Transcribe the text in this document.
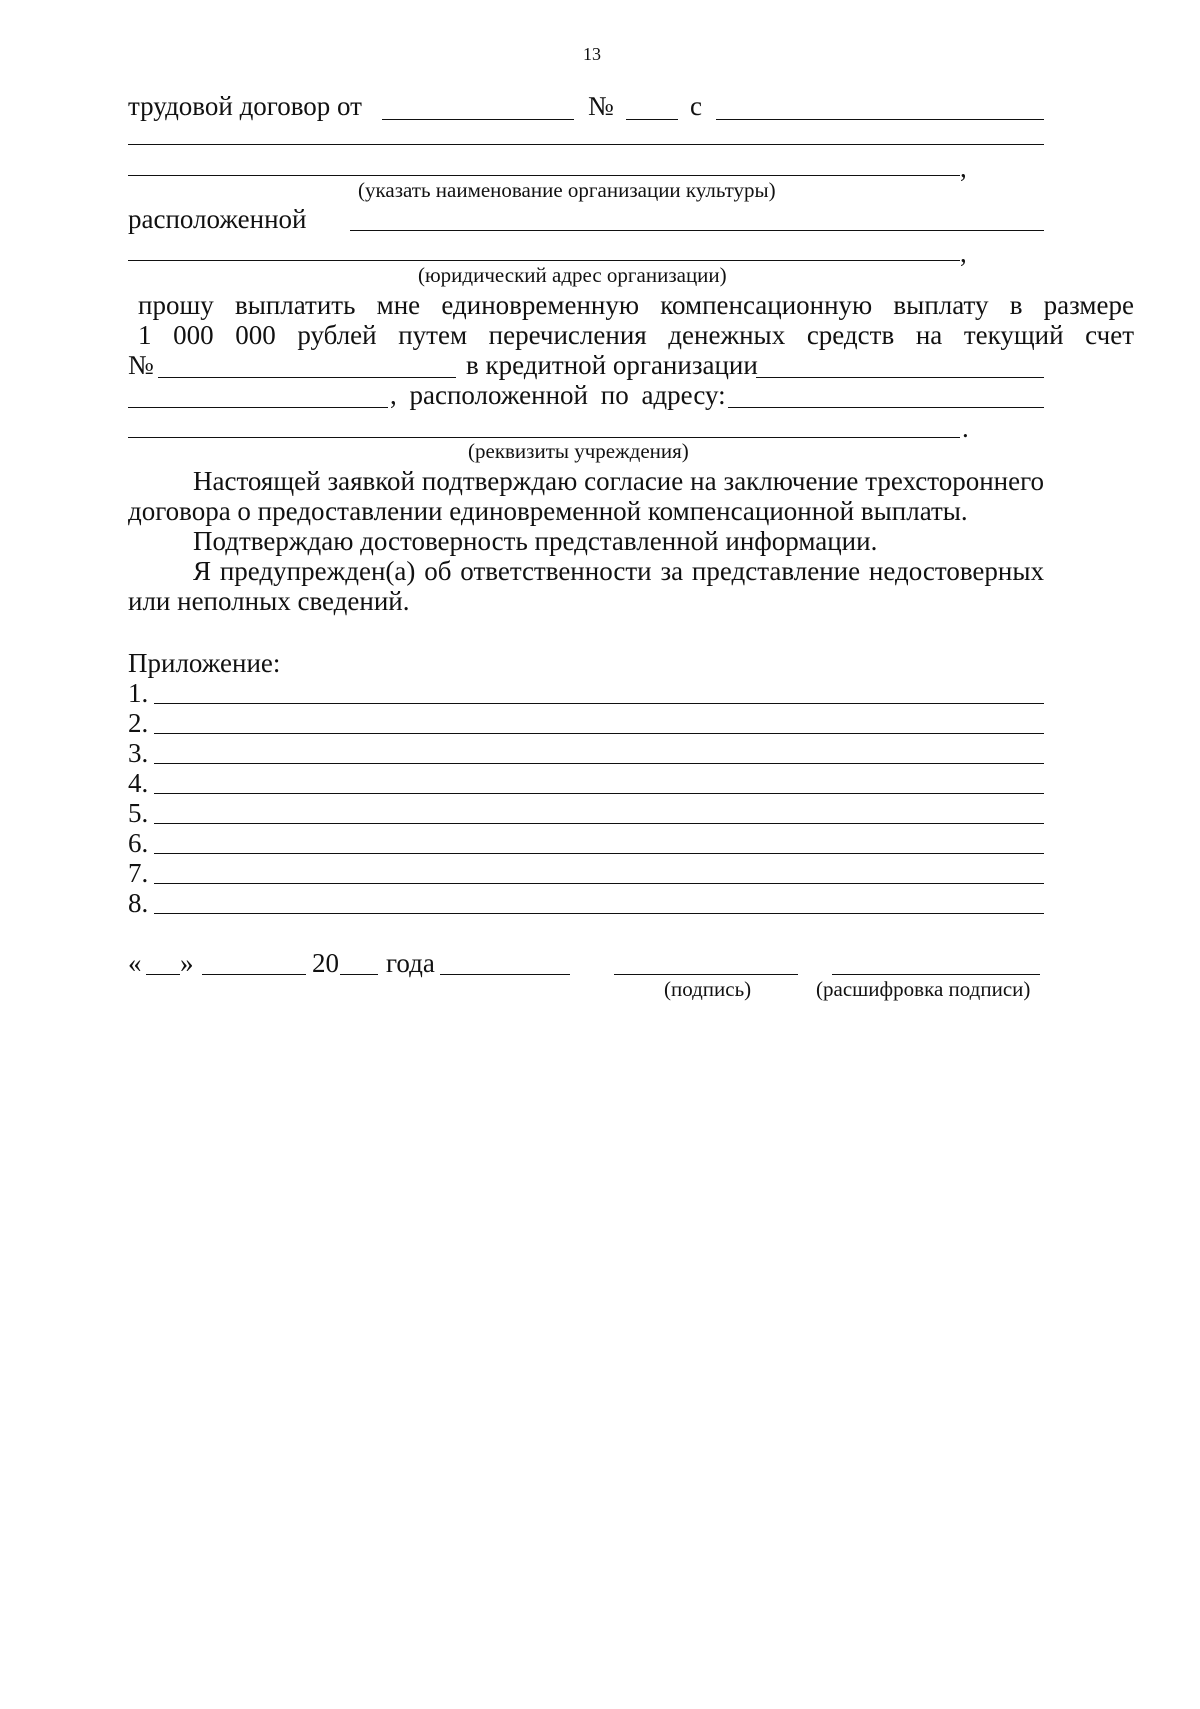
13
трудовой договор от	№	с
,
(указать наименование организации культуры)
расположенной
,
(юридический адрес организации)
прошу выплатить мне единовременную компенсационную выплату в размере
1 000 000 рублей путем перечисления денежных средств на текущий счет
№	в кредитной организации
, расположенной по адресу:
.
(реквизиты учреждения)
Настоящей заявкой подтверждаю согласие на заключение трехстороннего
договора о предоставлении единовременной компенсационной выплаты.
Подтверждаю достоверность представленной информации.
Я предупрежден(а) об ответственности за представление недостоверных
или неполных сведений.
Приложение:
1.
2.
3.
4.
5.
6.
7.
8.
« »	20 года
(подпись)	(расшифровка подписи)
